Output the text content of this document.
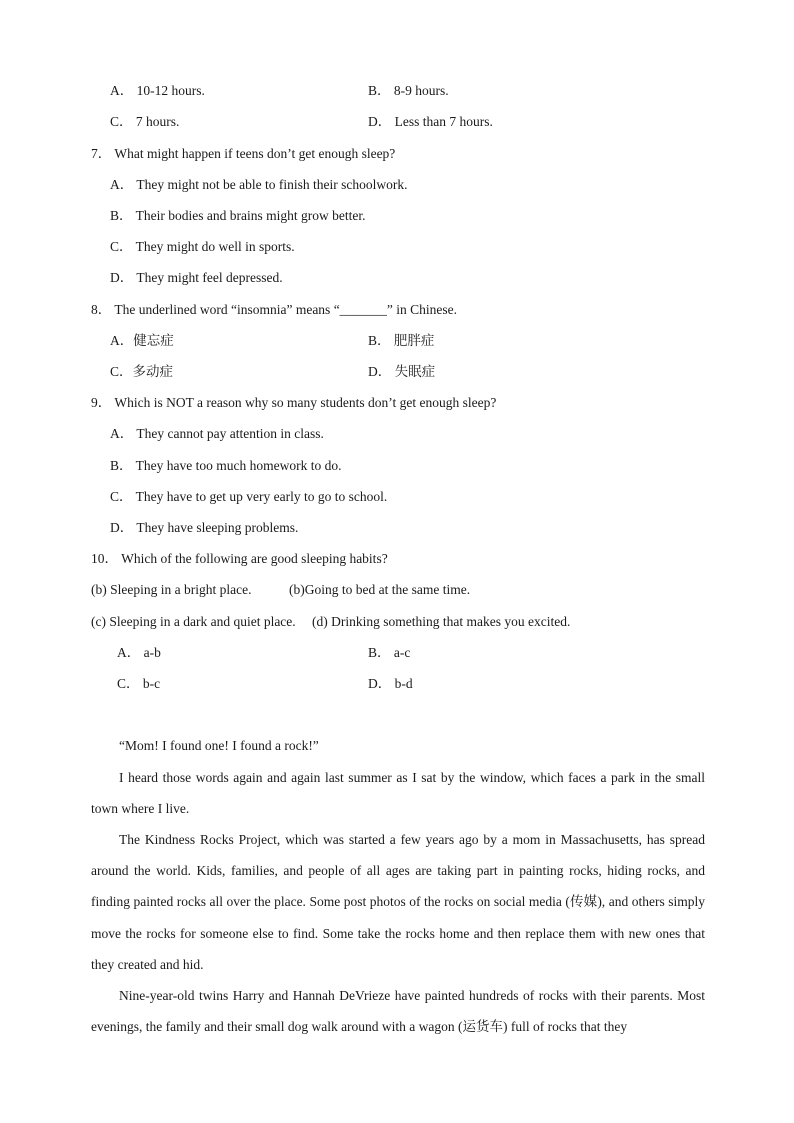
A． 10-12 hours.	B． 8-9 hours.
C． 7 hours.	D． Less than 7 hours.
7． What might happen if teens don’t get enough sleep?
A． They might not be able to finish their schoolwork.
B． Their bodies and brains might grow better.
C． They might do well in sports.
D． They might feel depressed.
8． The underlined word “insomnia” means “_______” in Chinese.
A．健忘症	B． 肥胖症
C．多动症	D． 失眠症
9． Which is NOT a reason why so many students don’t get enough sleep?
A． They cannot pay attention in class.
B． They have too much homework to do.
C． They have to get up very early to go to school.
D． They have sleeping problems.
10． Which of the following are good sleeping habits?
(b) Sleeping in a bright place.	(b)Going to bed at the same time.
(c) Sleeping in a dark and quiet place. (d) Drinking something that makes you excited.
A． a-b	B． a-c
C． b-c	D． b-d
“Mom! I found one! I found a rock!”
I heard those words again and again last summer as I sat by the window, which faces a park in the small town where I live.
The Kindness Rocks Project, which was started a few years ago by a mom in Massachusetts, has spread around the world. Kids, families, and people of all ages are taking part in painting rocks, hiding rocks, and finding painted rocks all over the place. Some post photos of the rocks on social media (传媒), and others simply move the rocks for someone else to find. Some take the rocks home and then replace them with new ones that they created and hid.
Nine-year-old twins Harry and Hannah DeVrieze have painted hundreds of rocks with their parents. Most evenings, the family and their small dog walk around with a wagon (运货车) full of rocks that they
